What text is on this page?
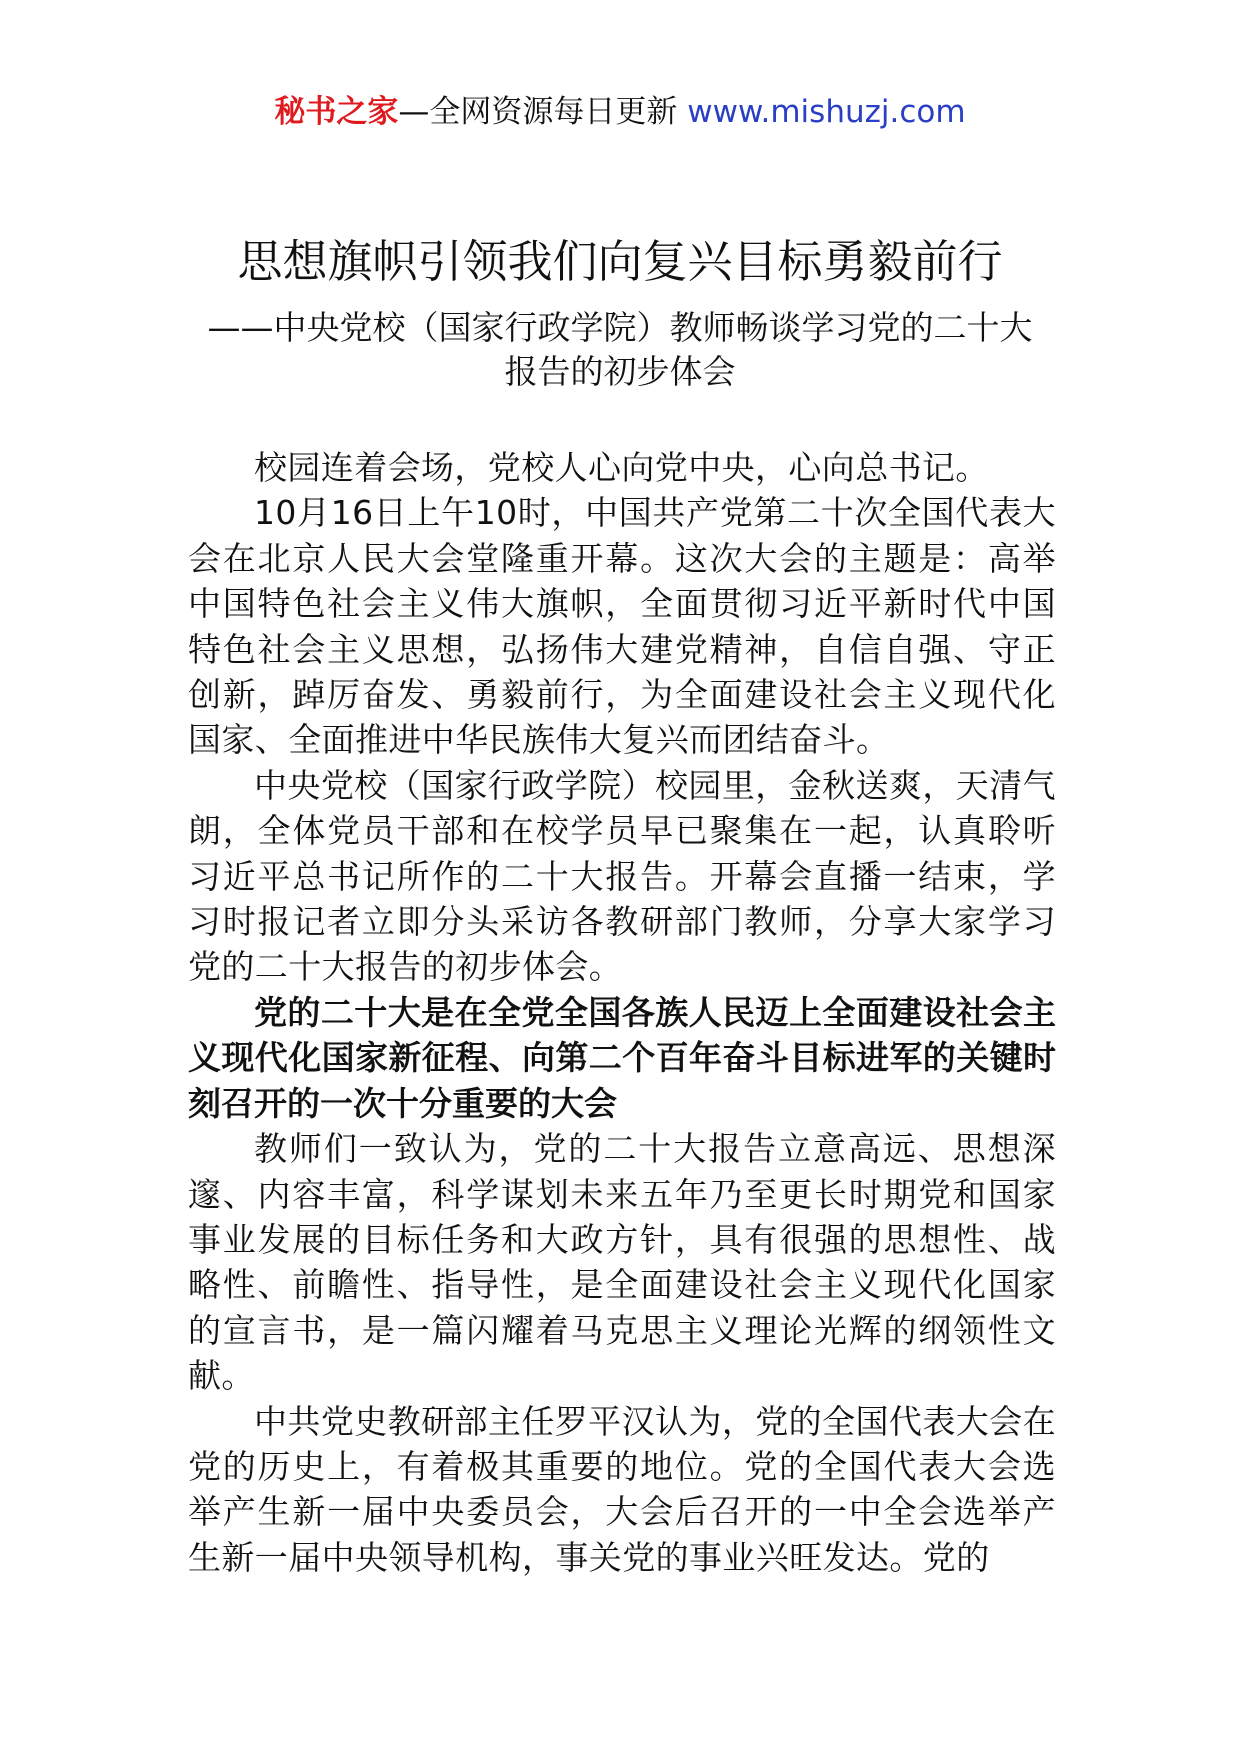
秘书之家—全网资源每日更新 www.mishuzj.com
思想旗帜引领我们向复兴目标勇毅前行
——中央党校（国家行政学院）教师畅谈学习党的二十大
报告的初步体会

校园连着会场，党校人心向党中央，心向总书记。

10月16日上午10时，中国共产党第二十次全国代表大会在北京人民大会堂隆重开幕。这次大会的主题是：高举中国特色社会主义伟大旗帜，全面贯彻习近平新时代中国特色社会主义思想，弘扬伟大建党精神，自信自强、守正创新，踔厉奋发、勇毅前行，为全面建设社会主义现代化国家、全面推进中华民族伟大复兴而团结奋斗。

中央党校（国家行政学院）校园里，金秋送爽，天清气朗，全体党员干部和在校学员早已聚集在一起，认真聆听习近平总书记所作的二十大报告。开幕会直播一结束，学习时报记者立即分头采访各教研部门教师，分享大家学习党的二十大报告的初步体会。

党的二十大是在全党全国各族人民迈上全面建设社会主义现代化国家新征程、向第二个百年奋斗目标进军的关键时刻召开的一次十分重要的大会

教师们一致认为，党的二十大报告立意高远、思想深邃、内容丰富，科学谋划未来五年乃至更长时期党和国家事业发展的目标任务和大政方针，具有很强的思想性、战略性、前瞻性、指导性，是全面建设社会主义现代化国家的宣言书，是一篇闪耀着马克思主义理论光辉的纲领性文献。

中共党史教研部主任罗平汉认为，党的全国代表大会在党的历史上，有着极其重要的地位。党的全国代表大会选举产生新一届中央委员会，大会后召开的一中全会选举产生新一届中央领导机构，事关党的事业兴旺发达。党的
